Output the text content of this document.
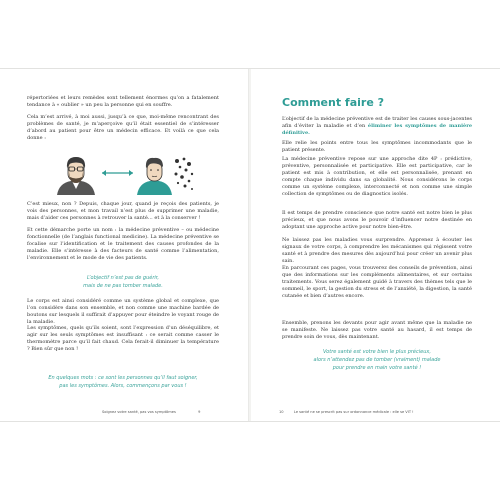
répertoriées et leurs remèdes sont tellement énormes qu’on a fatalement tendance à « oublier » un peu la personne qui en souffre.

Cela m’est arrivé, à moi aussi, jusqu’à ce que, moi-même rencontrant des problèmes de santé, je m’aperçoive qu’il était essentiel de s’intéresser d’abord au patient pour être un médecin efficace. Et voilà ce que cela donne :

C’est mieux, non ? Depuis, chaque jour, quand je reçois des patients, je vois des personnes, et mon travail n’est plus de supprimer une maladie, mais d’aider ces personnes à retrouver la santé… et à la conserver !

Et cette démarche porte un nom : la médecine préventive – ou médecine fonctionnelle (de l’anglais functional medicine). La médecine préventive se focalise sur l’identification et le traitement des causes profondes de la maladie. Elle s’intéresse à des facteurs de santé comme l’alimentation, l’environnement et le mode de vie des patients.

L’objectif n’est pas de guérir,
mais de ne pas tomber malade.

Le corps est ainsi considéré comme un système global et complexe, que l’on considère dans son ensemble, et non comme une machine bardée de boutons sur lesquels il suffirait d’appuyer pour éteindre le voyant rouge de la maladie.

Les symptômes, quels qu’ils soient, sont l’expression d’un déséquilibre, et agir sur les seuls symptômes est insuffisant : ce serait comme casser le thermomètre parce qu’il fait chaud. Cela ferait-il diminuer la température ? Bien sûr que non !

En quelques mots : ce sont les personnes qu’il faut soigner,
pas les symptômes. Alors, commençons par vous !
Soignez votre santé, pas vos symptômes	9
Comment faire ?

L’objectif de la médecine préventive est de traiter les causes sous-jacentes afin d’éviter la maladie et d’en éliminer les symptômes de manière définitive.

Elle relie les points entre tous les symptômes incommodants que le patient présente.

La médecine préventive repose sur une approche dite 4P : prédictive, préventive, personnalisée et participative. Elle est participative, car le patient est mis à contribution, et elle est personnalisée, prenant en compte chaque individu dans sa globalité. Nous considérons le corps comme un système complexe, interconnecté et non comme une simple collection de symptômes ou de diagnostics isolés.

Il est temps de prendre conscience que notre santé est notre bien le plus précieux, et que nous avons le pouvoir d’influencer notre destinée en adoptant une approche active pour notre bien-être.

Ne laissez pas les maladies vous surprendre. Apprenez à écouter les signaux de votre corps, à comprendre les mécanismes qui régissent votre santé et à prendre des mesures dès aujourd’hui pour créer un avenir plus sain.

En parcourant ces pages, vous trouverez des conseils de prévention, ainsi que des informations sur les compléments alimentaires, et sur certains traitements. Vous serez également guidé à travers des thèmes tels que le sommeil, le sport, la gestion du stress et de l’anxiété, la digestion, la santé cutanée et bien d’autres encore.

Ensemble, prenons les devants pour agir avant même que la maladie ne se manifeste. Ne laissez pas votre santé au hasard, il est temps de prendre soin de vous, dès maintenant.

Votre santé est votre bien le plus précieux,
alors n’attendez pas de tomber (vraiment) malade
pour prendre en main votre santé !
10	Le santé ne se prescrit pas sur ordonnance médicale : elle se VIT !
